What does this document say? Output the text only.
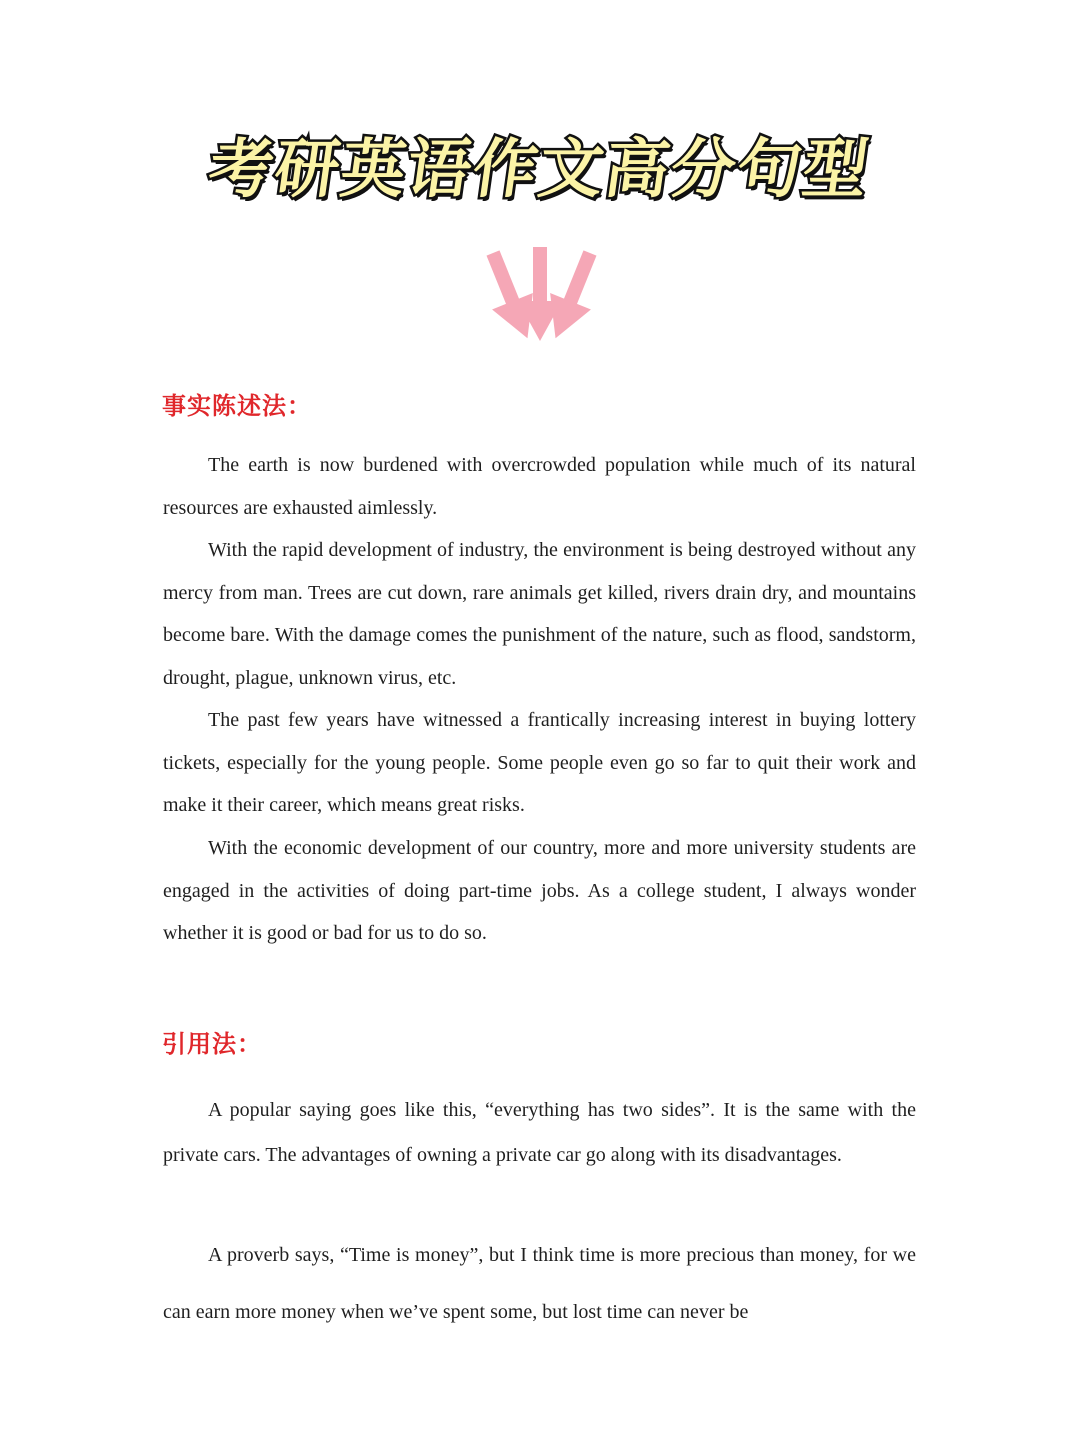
考研英语作文高分句型
事实陈述法：

The earth is now burdened with overcrowded population while much of its natural resources are exhausted aimlessly.

With the rapid development of industry, the environment is being destroyed without any mercy from man. Trees are cut down, rare animals get killed, rivers drain dry, and mountains become bare. With the damage comes the punishment of the nature, such as flood, sandstorm, drought, plague, unknown virus, etc.

The past few years have witnessed a frantically increasing interest in buying lottery tickets, especially for the young people. Some people even go so far to quit their work and make it their career, which means great risks.

With the economic development of our country, more and more university students are engaged in the activities of doing part-time jobs. As a college student, I always wonder whether it is good or bad for us to do so.

引用法：

A popular saying goes like this, “everything has two sides”. It is the same with the private cars. The advantages of owning a private car go along with its disadvantages.

A proverb says, “Time is money”, but I think time is more precious than money, for we can earn more money when we’ve spent some, but lost time can never be
